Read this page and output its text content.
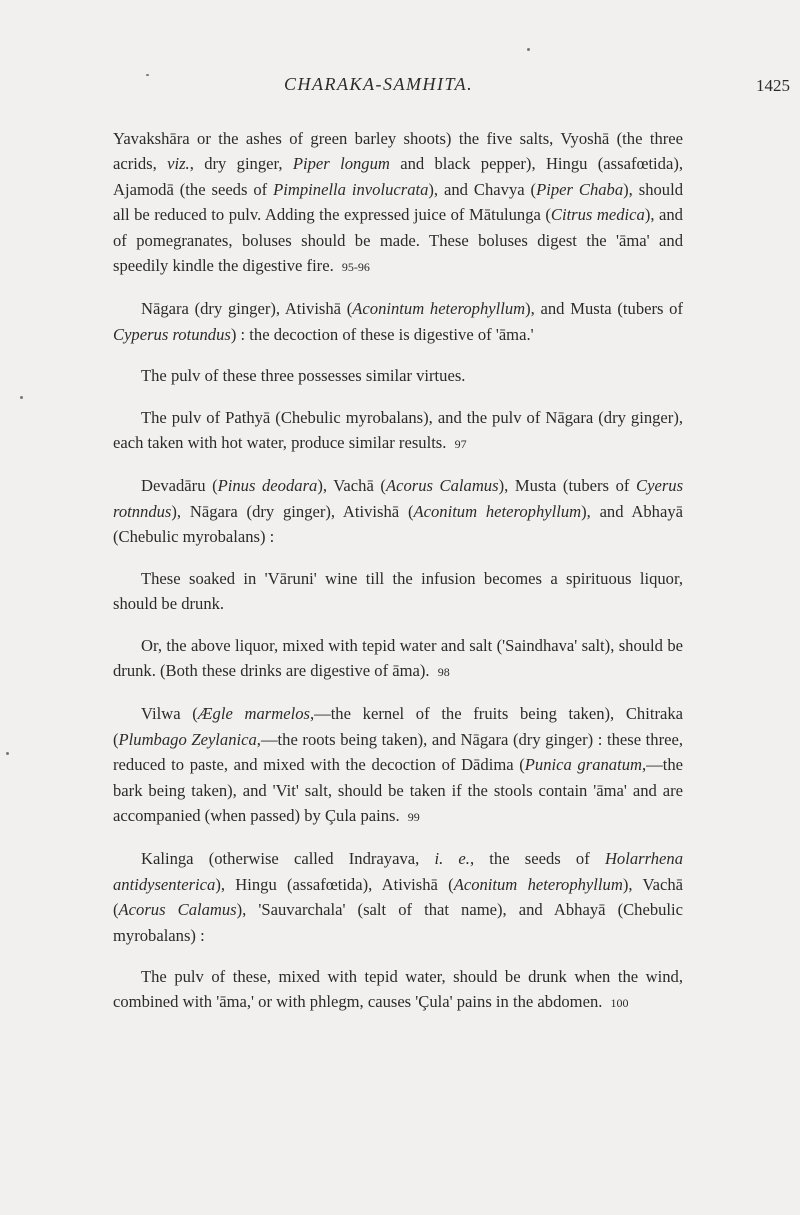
CHARAKA-SAMHITA.	1425

Yavakshāra or the ashes of green barley shoots) the five salts, Vyoshā (the three acrids, viz., dry ginger, Piper longum and black pepper), Hingu (assafœtida), Ajamodā (the seeds of Pimpinella involucrata), and Chavya (Piper Chaba), should all be reduced to pulv. Adding the expressed juice of Mātulunga (Citrus medica), and of pomegranates, boluses should be made. These boluses digest the 'āma' and speedily kindle the digestive fire. 95-96

Nāgara (dry ginger), Ativishā (Aconintum heterophyllum), and Musta (tubers of Cyperus rotundus) : the decoction of these is digestive of 'āma.'

The pulv of these three possesses similar virtues.

The pulv of Pathyā (Chebulic myrobalans), and the pulv of Nāgara (dry ginger), each taken with hot water, produce similar results. 97

Devadāru (Pinus deodara), Vachā (Acorus Calamus), Musta (tubers of Cyerus rotnndus), Nāgara (dry ginger), Ativishā (Aconitum heterophyllum), and Abhayā (Chebulic myrobalans) :

These soaked in 'Vāruni' wine till the infusion becomes a spirituous liquor, should be drunk.

Or, the above liquor, mixed with tepid water and salt ('Saindhava' salt), should be drunk. (Both these drinks are digestive of āma). 98

Vilwa (Ægle marmelos,—the kernel of the fruits being taken), Chitraka (Plumbago Zeylanica,—the roots being taken), and Nāgara (dry ginger) : these three, reduced to paste, and mixed with the decoction of Dādima (Punica granatum,—the bark being taken), and 'Vit' salt, should be taken if the stools contain 'āma' and are accompanied (when passed) by Çula pains. 99

Kalinga (otherwise called Indrayava, i. e., the seeds of Holarrhena antidysenterica), Hingu (assafœtida), Ativishā (Aconitum heterophyllum), Vachā (Acorus Calamus), 'Sauvarchala' (salt of that name), and Abhayā (Chebulic myrobalans) :

The pulv of these, mixed with tepid water, should be drunk when the wind, combined with 'āma,' or with phlegm, causes 'Çula' pains in the abdomen. 100
